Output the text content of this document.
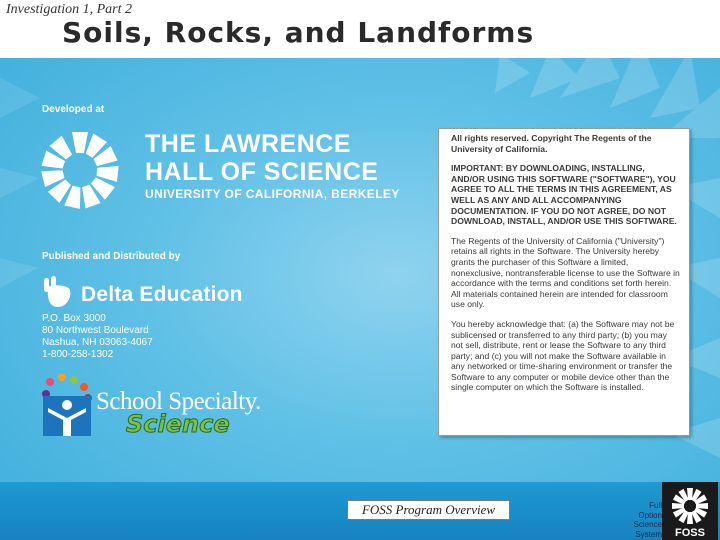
Investigation 1, Part 2
Soils, Rocks, and Landforms
Developed at
THE LAWRENCE
HALL OF SCIENCE
UNIVERSITY OF CALIFORNIA, BERKELEY
Published and Distributed by
Delta Education
P.O. Box 3000
80 Northwest Boulevard
Nashua, NH 03063-4067
1-800-258-1302
School Specialty.
Science

All rights reserved. Copyright The Regents of the University of California.

IMPORTANT: BY DOWNLOADING, INSTALLING, AND/OR USING THIS SOFTWARE ("SOFTWARE"), YOU AGREE TO ALL THE TERMS IN THIS AGREEMENT, AS WELL AS ANY AND ALL ACCOMPANYING DOCUMENTATION. IF YOU DO NOT AGREE, DO NOT DOWNLOAD, INSTALL, AND/OR USE THIS SOFTWARE.

The Regents of the University of California ("University") retains all rights in the Software. The University hereby grants the purchaser of this Software a limited, nonexclusive, nontransferable license to use the Software in accordance with the terms and conditions set forth herein. All materials contained herein are intended for classroom use only.

You hereby acknowledge that: (a) the Software may not be sublicensed or transferred to any third party; (b) you may not sell, distribute, rent or lease the Software to any third party; and (c) you will not make the Software available in any networked or time-sharing environment or transfer the Software to any computer or mobile device other than the single computer on which the Software is installed.

FOSS Program Overview	Full
Option
Science
System FOSS
